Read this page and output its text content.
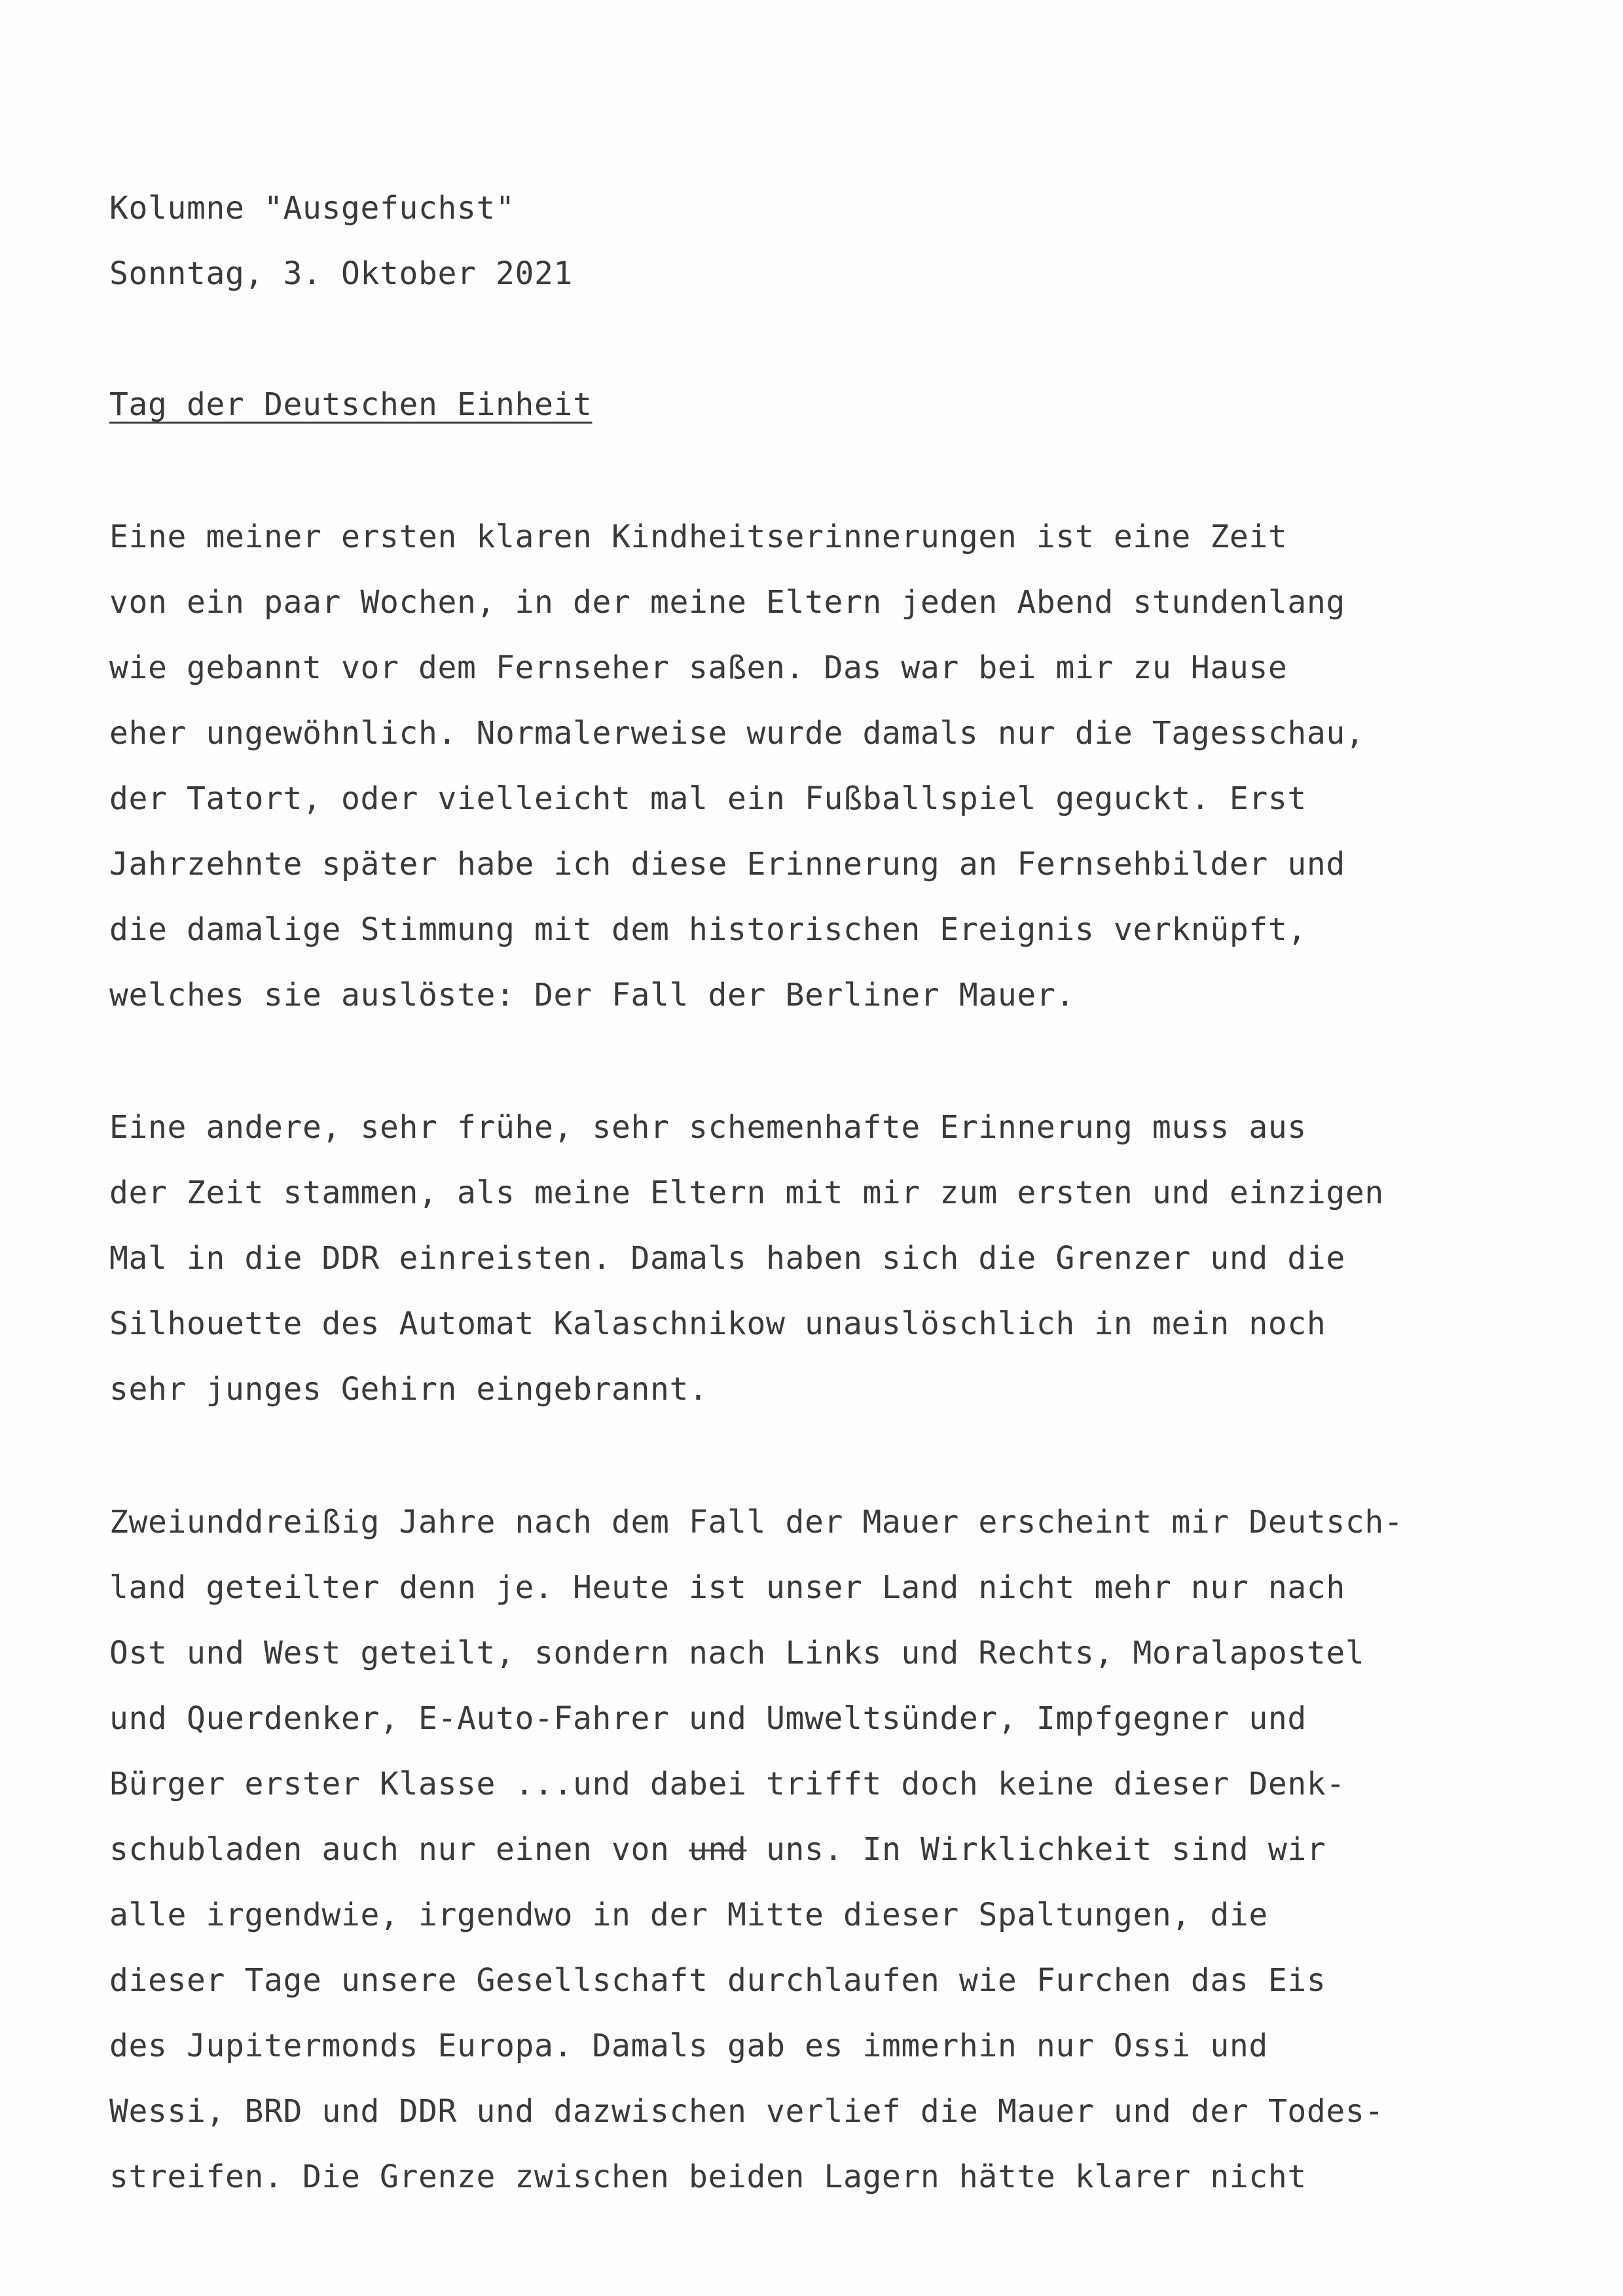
Kolumne "Ausgefuchst"
Sonntag, 3. Oktober 2021
Tag der Deutschen Einheit
Eine meiner ersten klaren Kindheitserinnerungen ist eine Zeit
von ein paar Wochen, in der meine Eltern jeden Abend stundenlang
wie gebannt vor dem Fernseher saßen. Das war bei mir zu Hause
eher ungewöhnlich. Normalerweise wurde damals nur die Tagesschau,
der Tatort, oder vielleicht mal ein Fußballspiel geguckt. Erst
Jahrzehnte später habe ich diese Erinnerung an Fernsehbilder und
die damalige Stimmung mit dem historischen Ereignis verknüpft,
welches sie auslöste: Der Fall der Berliner Mauer.
Eine andere, sehr frühe, sehr schemenhafte Erinnerung muss aus
der Zeit stammen, als meine Eltern mit mir zum ersten und einzigen
Mal in die DDR einreisten. Damals haben sich die Grenzer und die
Silhouette des Automat Kalaschnikow unauslöschlich in mein noch
sehr junges Gehirn eingebrannt.
Zweiunddreißig Jahre nach dem Fall der Mauer erscheint mir Deutsch-
land geteilter denn je. Heute ist unser Land nicht mehr nur nach
Ost und West geteilt, sondern nach Links und Rechts, Moralapostel
und Querdenker, E-Auto-Fahrer und Umweltsünder, Impfgegner und
Bürger erster Klasse ...und dabei trifft doch keine dieser Denk-
schubladen auch nur einen von und uns. In Wirklichkeit sind wir
alle irgendwie, irgendwo in der Mitte dieser Spaltungen, die
dieser Tage unsere Gesellschaft durchlaufen wie Furchen das Eis
des Jupitermonds Europa. Damals gab es immerhin nur Ossi und
Wessi, BRD und DDR und dazwischen verlief die Mauer und der Todes-
streifen. Die Grenze zwischen beiden Lagern hätte klarer nicht
